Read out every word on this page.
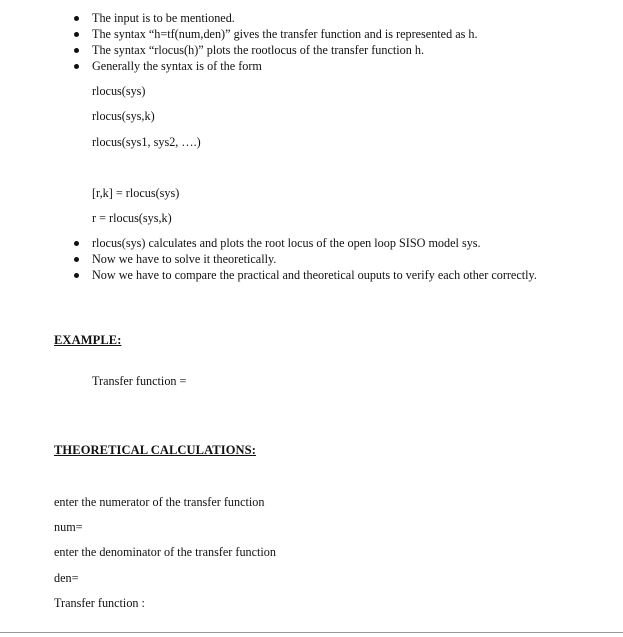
The input is to be mentioned.
The syntax “h=tf(num,den)” gives the transfer function and is represented as h.
The syntax “rlocus(h)” plots the rootlocus of the transfer function h.
Generally the syntax is of the form
rlocus(sys)
rlocus(sys,k)
rlocus(sys1, sys2, ….)
[r,k] = rlocus(sys)
r = rlocus(sys,k)
rlocus(sys) calculates and plots the root locus of the open loop SISO model sys.
Now we have to solve it theoretically.
Now we have to compare the practical and theoretical ouputs to verify each other correctly.
EXAMPLE:
Transfer function =
THEORETICAL CALCULATIONS:
enter the numerator of the transfer function
num=
enter the denominator of the transfer function
den=
Transfer function :
